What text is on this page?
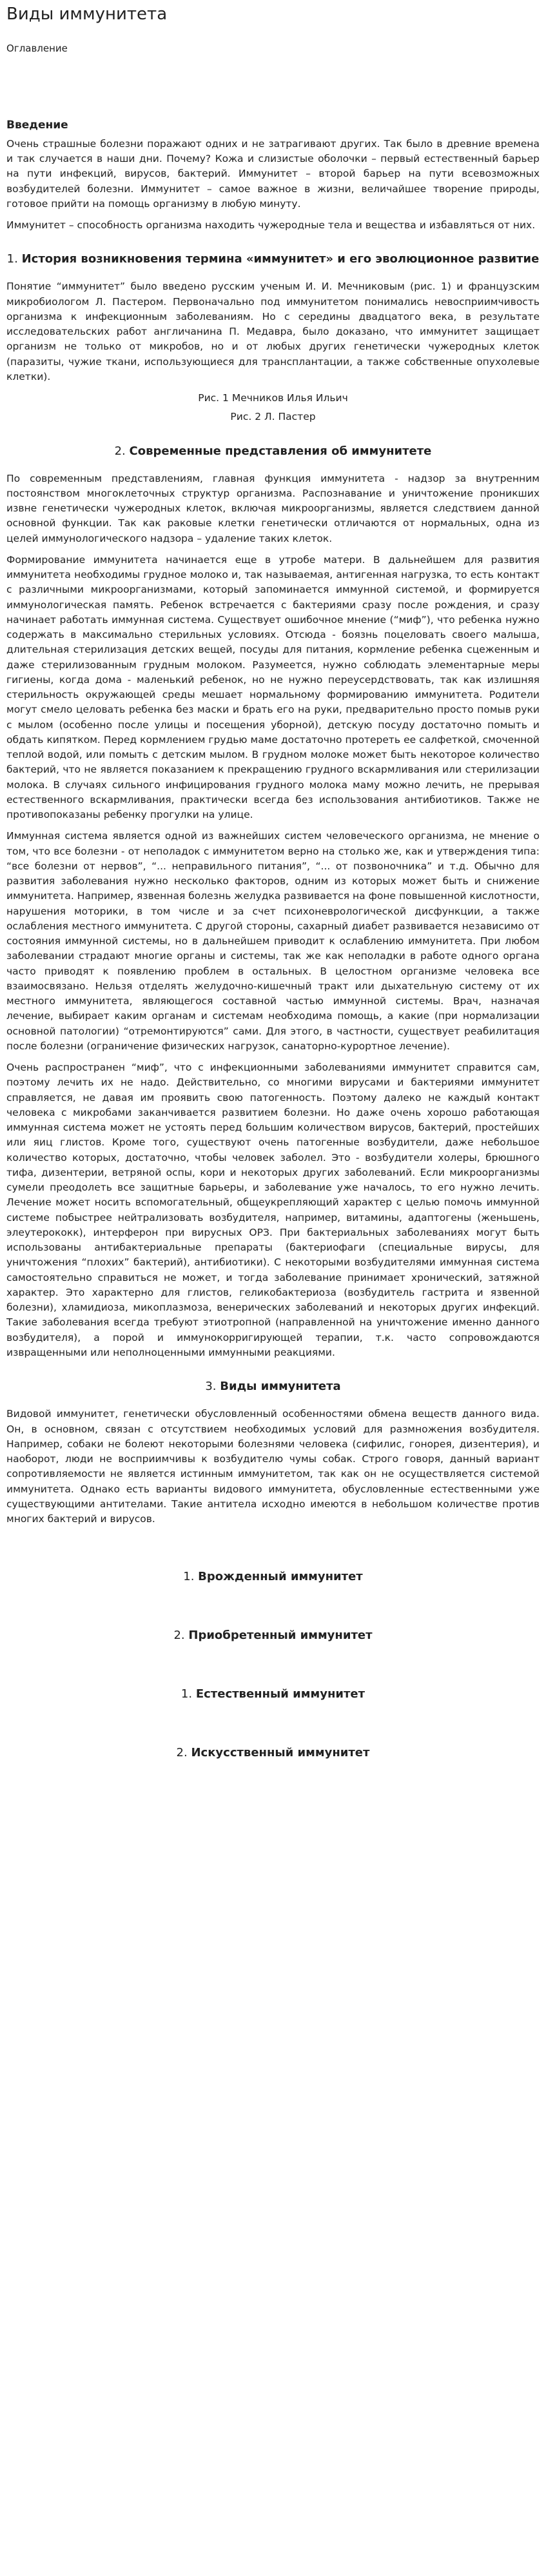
Виды иммунитета
Оглавление
Введение

Очень страшные болезни поражают одних и не затрагивают других. Так было в древние времена и так случается в наши дни. Почему? Кожа и слизистые оболочки – первый естественный барьер на пути инфекций, вирусов, бактерий. Иммунитет – второй барьер на пути всевозможных возбудителей болезни. Иммунитет – самое важное в жизни, величайшее творение природы, готовое прийти на помощь организму в любую минуту.

Иммунитет – способность организма находить чужеродные тела и вещества и избавляться от них.

1. История возникновения термина «иммунитет» и его эволюционное развитие

Понятие “иммунитет” было введено русским ученым И. И. Мечниковым (рис. 1) и французским микробиологом Л. Пастером. Первоначально под иммунитетом понимались невосприимчивость организма к инфекционным заболеваниям. Но с середины двадцатого века, в результате исследовательских работ англичанина П. Медавра, было доказано, что иммунитет защищает организм не только от микробов, но и от любых других генетически чужеродных клеток (паразиты, чужие ткани, использующиеся для трансплантации, а также собственные опухолевые клетки).

Рис. 1 Мечников Илья Ильич
Рис. 2 Л. Пастер
2. Современные представления об иммунитете

По современным представлениям, главная функция иммунитета - надзор за внутренним постоянством многоклеточных структур организма. Распознавание и уничтожение проникших извне генетически чужеродных клеток, включая микроорганизмы, является следствием данной основной функции. Так как раковые клетки генетически отличаются от нормальных, одна из целей иммунологического надзора – удаление таких клеток.

Формирование иммунитета начинается еще в утробе матери. В дальнейшем для развития иммунитета необходимы грудное молоко и, так называемая, антигенная нагрузка, то есть контакт с различными микроорганизмами, который запоминается иммунной системой, и формируется иммунологическая память. Ребенок встречается с бактериями сразу после рождения, и сразу начинает работать иммунная система. Существует ошибочное мнение (“миф”), что ребенка нужно содержать в максимально стерильных условиях. Отсюда - боязнь поцеловать своего малыша, длительная стерилизация детских вещей, посуды для питания, кормление ребенка сцеженным и даже стерилизованным грудным молоком. Разумеется, нужно соблюдать элементарные меры гигиены, когда дома - маленький ребенок, но не нужно переусердствовать, так как излишняя стерильность окружающей среды мешает нормальному формированию иммунитета. Родители могут смело целовать ребенка без маски и брать его на руки, предварительно просто помыв руки с мылом (особенно после улицы и посещения уборной), детскую посуду достаточно помыть и обдать кипятком. Перед кормлением грудью маме достаточно протереть ее салфеткой, смоченной теплой водой, или помыть с детским мылом. В грудном молоке может быть некоторое количество бактерий, что не является показанием к прекращению грудного вскармливания или стерилизации молока. В случаях сильного инфицирования грудного молока маму можно лечить, не прерывая естественного вскармливания, практически всегда без использования антибиотиков. Также не противопоказаны ребенку прогулки на улице.

Иммунная система является одной из важнейших систем человеческого организма, не мнение о том, что все болезни - от неполадок с иммунитетом верно на столько же, как и утверждения типа: “все болезни от нервов”, “... неправильного питания”, “... от позвоночника” и т.д. Обычно для развития заболевания нужно несколько факторов, одним из которых может быть и снижение иммунитета. Например, язвенная болезнь желудка развивается на фоне повышенной кислотности, нарушения моторики, в том числе и за счет психоневрологической дисфункции, а также ослабления местного иммунитета. С другой стороны, сахарный диабет развивается независимо от состояния иммунной системы, но в дальнейшем приводит к ослаблению иммунитета. При любом заболевании страдают многие органы и системы, так же как неполадки в работе одного органа часто приводят к появлению проблем в остальных. В целостном организме человека все взаимосвязано. Нельзя отделять желудочно-кишечный тракт или дыхательную систему от их местного иммунитета, являющегося составной частью иммунной системы. Врач, назначая лечение, выбирает каким органам и системам необходима помощь, а какие (при нормализации основной патологии) “отремонтируются” сами. Для этого, в частности, существует реабилитация после болезни (ограничение физических нагрузок, санаторно-курортное лечение).

Очень распространен “миф”, что с инфекционными заболеваниями иммунитет справится сам, поэтому лечить их не надо. Действительно, со многими вирусами и бактериями иммунитет справляется, не давая им проявить свою патогенность. Поэтому далеко не каждый контакт человека с микробами заканчивается развитием болезни. Но даже очень хорошо работающая иммунная система может не устоять перед большим количеством вирусов, бактерий, простейших или яиц глистов. Кроме того, существуют очень патогенные возбудители, даже небольшое количество которых, достаточно, чтобы человек заболел. Это - возбудители холеры, брюшного тифа, дизентерии, ветряной оспы, кори и некоторых других заболеваний. Если микроорганизмы сумели преодолеть все защитные барьеры, и заболевание уже началось, то его нужно лечить. Лечение может носить вспомогательный, общеукрепляющий характер с целью помочь иммунной системе побыстрее нейтрализовать возбудителя, например, витамины, адаптогены (женьшень, элеутерококк), интерферон при вирусных ОРЗ. При бактериальных заболеваниях могут быть использованы антибактериальные препараты (бактериофаги (специальные вирусы, для уничтожения “плохих” бактерий), антибиотики). С некоторыми возбудителями иммунная система самостоятельно справиться не может, и тогда заболевание принимает хронический, затяжной характер. Это характерно для глистов, геликобактериоза (возбудитель гастрита и язвенной болезни), хламидиоза, микоплазмоза, венерических заболеваний и некоторых других инфекций. Такие заболевания всегда требуют этиотропной (направленной на уничтожение именно данного возбудителя), а порой и иммунокорригирующей терапии, т.к. часто сопровождаются извращенными или неполноценными иммунными реакциями.

3. Виды иммунитета

Видовой иммунитет, генетически обусловленный особенностями обмена веществ данного вида. Он, в основном, связан с отсутствием необходимых условий для размножения возбудителя. Например, собаки не болеют некоторыми болезнями человека (сифилис, гонорея, дизентерия), и наоборот, люди не восприимчивы к возбудителю чумы собак. Строго говоря, данный вариант сопротивляемости не является истинным иммунитетом, так как он не осуществляется системой иммунитета. Однако есть варианты видового иммунитета, обусловленные естественными уже существующими антителами. Такие антитела исходно имеются в небольшом количестве против многих бактерий и вирусов.

1. Врожденный иммунитет
2. Приобретенный иммунитет
1. Естественный иммунитет
2. Искусственный иммунитет
